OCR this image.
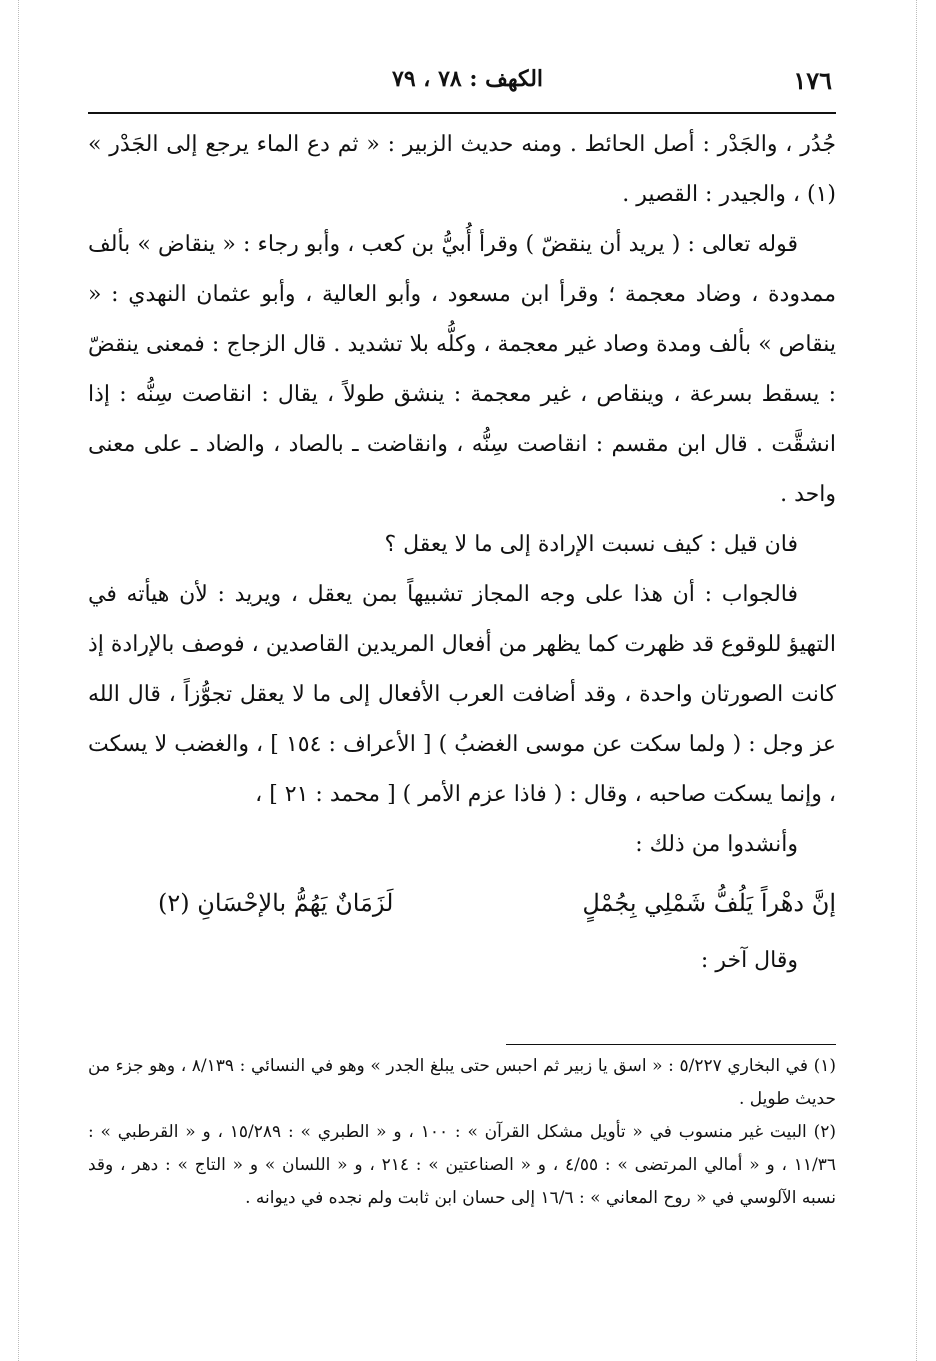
١٧٦
الكهف : ٧٨ ، ٧٩

جُدُر ، والجَدْر : أصل الحائط . ومنه حديث الزبير : « ثم دع الماء يرجع إلى الجَدْر » (١) ، والجيدر : القصير .

قوله تعالى : ( يريد أن ينقضّ ) وقرأ أُبيُّ بن كعب ، وأبو رجاء : « ينقاض » بألف ممدودة ، وضاد معجمة ؛ وقرأ ابن مسعود ، وأبو العالية ، وأبو عثمان النهدي : « ينقاص » بألف ومدة وصاد غير معجمة ، وكلُّه بلا تشديد . قال الزجاج : فمعنى ينقضّ : يسقط بسرعة ، وينقاص ، غير معجمة : ينشق طولاً ، يقال : انقاصت سِنُّه : إذا انشقَّت . قال ابن مقسم : انقاصت سِنُّه ، وانقاضت ـ بالصاد ، والضاد ـ على معنى واحد .

فان قيل : كيف نسبت الإرادة إلى ما لا يعقل ؟

فالجواب : أن هذا على وجه المجاز تشبيهاً بمن يعقل ، ويريد : لأن هيأته في التهيؤ للوقوع قد ظهرت كما يظهر من أفعال المريدين القاصدين ، فوصف بالإرادة إذ كانت الصورتان واحدة ، وقد أضافت العرب الأفعال إلى ما لا يعقل تجوُّزاً ، قال الله عز وجل : ( ولما سكت عن موسى الغضبُ ) [ الأعراف : ١٥٤ ] ، والغضب لا يسكت ، وإنما يسكت صاحبه ، وقال : ( فاذا عزم الأمر ) [ محمد : ٢١ ] ،

وأنشدوا من ذلك :

إنَّ دهْراً يَلُفُّ شَمْلِي بِجُمْلٍ
لَزَمَانٌ يَهُمُّ بالإحْسَانِ (٢)

وقال آخر :

(١) في البخاري ٥/٢٢٧ : « اسق يا زبير ثم احبس حتى يبلغ الجدر » وهو في النسائي : ٨/١٣٩ ، وهو جزء من حديث طويل .

(٢) البيت غير منسوب في « تأويل مشكل القرآن » : ١٠٠ ، و « الطبري » : ١٥/٢٨٩ ، و « القرطبي » : ١١/٣٦ ، و « أمالي المرتضى » : ٤/٥٥ ، و « الصناعتين » : ٢١٤ ، و « اللسان » و « التاج » : دهر ، وقد نسبه الآلوسي في « روح المعاني » : ١٦/٦ إلى حسان ابن ثابت ولم نجده في ديوانه .
